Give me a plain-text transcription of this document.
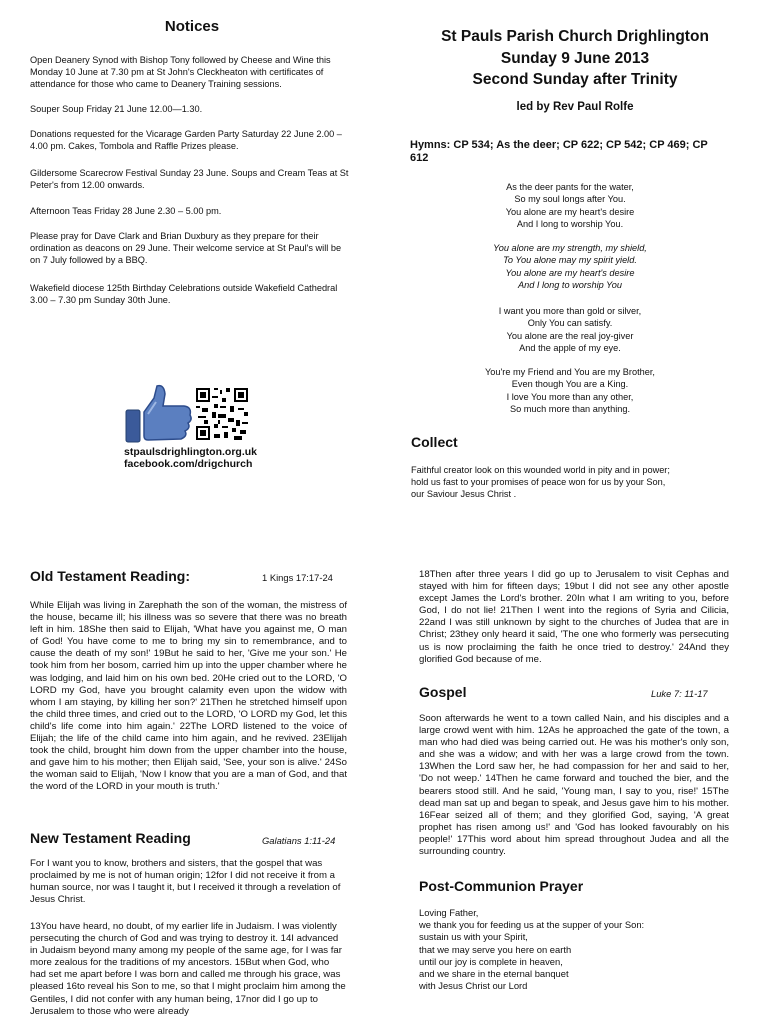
Notices

Open Deanery Synod with Bishop Tony followed by Cheese and Wine this Monday 10 June at 7.30 pm at St John's Cleckheaton with certificates of attendance for those who came to Deanery Training sessions.

Souper Soup Friday 21 June 12.00—1.30.

Donations requested for the Vicarage Garden Party Saturday 22 June 2.00 – 4.00 pm. Cakes, Tombola and Raffle Prizes please.

Gildersome Scarecrow Festival Sunday 23 June. Soups and Cream Teas at St Peter's from 12.00 onwards.

Afternoon Teas Friday 28 June 2.30 – 5.00 pm.

Please pray for Dave Clark and Brian Duxbury as they prepare for their ordination as deacons on 29 June. Their welcome service at St Paul's will be on 7 July followed by a BBQ.

Wakefield diocese 125th Birthday Celebrations outside Wakefield Cathedral 3.00 – 7.30 pm Sunday 30th June.

stpaulsdrighlington.org.uk
facebook.com/drigchurch
St Pauls Parish Church Drighlington
Sunday 9 June 2013
Second Sunday after Trinity
led by Rev Paul Rolfe
Hymns: CP 534; As the deer; CP 622; CP 542; CP 469; CP 612
As the deer pants for the water,
So my soul longs after You.
You alone are my heart's desire
And I long to worship You.
You alone are my strength, my shield,
To You alone may my spirit yield.
You alone are my heart's desire
And I long to worship You
I want you more than gold or silver,
Only You can satisfy.
You alone are the real joy-giver
And the apple of my eye.
You're my Friend and You are my Brother,
Even though You are a King.
I love You more than any other,
So much more than anything.
Collect
Faithful creator look on this wounded world in pity and in power;
hold us fast to your promises of peace won for us by your Son,
our Saviour Jesus Christ .
Old Testament Reading:	1 Kings 17:17-24

While Elijah was living in Zarephath the son of the woman, the mistress of the house, became ill; his illness was so severe that there was no breath left in him. 18She then said to Elijah, 'What have you against me, O man of God! You have come to me to bring my sin to remembrance, and to cause the death of my son!' 19But he said to her, 'Give me your son.' He took him from her bosom, carried him up into the upper chamber where he was lodging, and laid him on his own bed. 20He cried out to the LORD, 'O LORD my God, have you brought calamity even upon the widow with whom I am staying, by killing her son?' 21Then he stretched himself upon the child three times, and cried out to the LORD, 'O LORD my God, let this child's life come into him again.' 22The LORD listened to the voice of Elijah; the life of the child came into him again, and he revived. 23Elijah took the child, brought him down from the upper chamber into the house, and gave him to his mother; then Elijah said, 'See, your son is alive.' 24So the woman said to Elijah, 'Now I know that you are a man of God, and that the word of the LORD in your mouth is truth.'

New Testament Reading	Galatians 1:11-24

For I want you to know, brothers and sisters, that the gospel that was proclaimed by me is not of human origin; 12for I did not receive it from a human source, nor was I taught it, but I received it through a revelation of Jesus Christ.

13You have heard, no doubt, of my earlier life in Judaism. I was violently persecuting the church of God and was trying to destroy it. 14I advanced in Judaism beyond many among my people of the same age, for I was far more zealous for the traditions of my ancestors. 15But when God, who had set me apart before I was born and called me through his grace, was pleased 16to reveal his Son to me, so that I might proclaim him among the Gentiles, I did not confer with any human being, 17nor did I go up to Jerusalem to those who were already

18Then after three years I did go up to Jerusalem to visit Cephas and stayed with him for fifteen days; 19but I did not see any other apostle except James the Lord's brother. 20In what I am writing to you, before God, I do not lie! 21Then I went into the regions of Syria and Cilicia, 22and I was still unknown by sight to the churches of Judea that are in Christ; 23they only heard it said, 'The one who formerly was persecuting us is now proclaiming the faith he once tried to destroy.' 24And they glorified God because of me.

Gospel	Luke 7: 11-17

Soon afterwards he went to a town called Nain, and his disciples and a large crowd went with him. 12As he approached the gate of the town, a man who had died was being carried out. He was his mother's only son, and she was a widow; and with her was a large crowd from the town. 13When the Lord saw her, he had compassion for her and said to her, 'Do not weep.' 14Then he came forward and touched the bier, and the bearers stood still. And he said, 'Young man, I say to you, rise!' 15The dead man sat up and began to speak, and Jesus gave him to his mother. 16Fear seized all of them; and they glorified God, saying, 'A great prophet has risen among us!' and 'God has looked favourably on his people!' 17This word about him spread throughout Judea and all the surrounding country.

Post-Communion Prayer
Loving Father,
we thank you for feeding us at the supper of your Son:
sustain us with your Spirit,
that we may serve you here on earth
until our joy is complete in heaven,
and we share in the eternal banquet
with Jesus Christ our Lord
